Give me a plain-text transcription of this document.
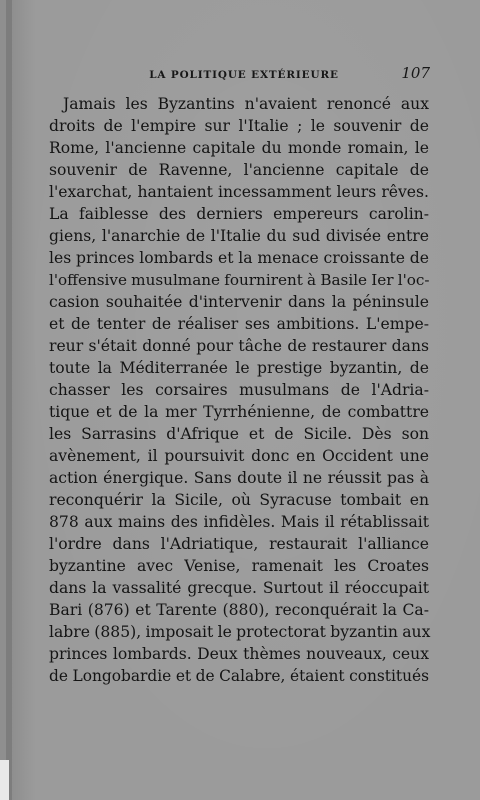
LA POLITIQUE EXTÉRIEURE	107
Jamais les Byzantins n'avaient renoncé aux
droits de l'empire sur l'Italie ; le souvenir de
Rome, l'ancienne capitale du monde romain, le
souvenir de Ravenne, l'ancienne capitale de
l'exarchat, hantaient incessamment leurs rêves.
La faiblesse des derniers empereurs carolin-
giens, l'anarchie de l'Italie du sud divisée entre
les princes lombards et la menace croissante de
l'offensive musulmane fournirent à Basile Ier l'oc-
casion souhaitée d'intervenir dans la péninsule
et de tenter de réaliser ses ambitions. L'empe-
reur s'était donné pour tâche de restaurer dans
toute la Méditerranée le prestige byzantin, de
chasser les corsaires musulmans de l'Adria-
tique et de la mer Tyrrhénienne, de combattre
les Sarrasins d'Afrique et de Sicile. Dès son
avènement, il poursuivit donc en Occident une
action énergique. Sans doute il ne réussit pas à
reconquérir la Sicile, où Syracuse tombait en
878 aux mains des infidèles. Mais il rétablissait
l'ordre dans l'Adriatique, restaurait l'alliance
byzantine avec Venise, ramenait les Croates
dans la vassalité grecque. Surtout il réoccupait
Bari (876) et Tarente (880), reconquérait la Ca-
labre (885), imposait le protectorat byzantin aux
princes lombards. Deux thèmes nouveaux, ceux
de Longobardie et de Calabre, étaient constitués
